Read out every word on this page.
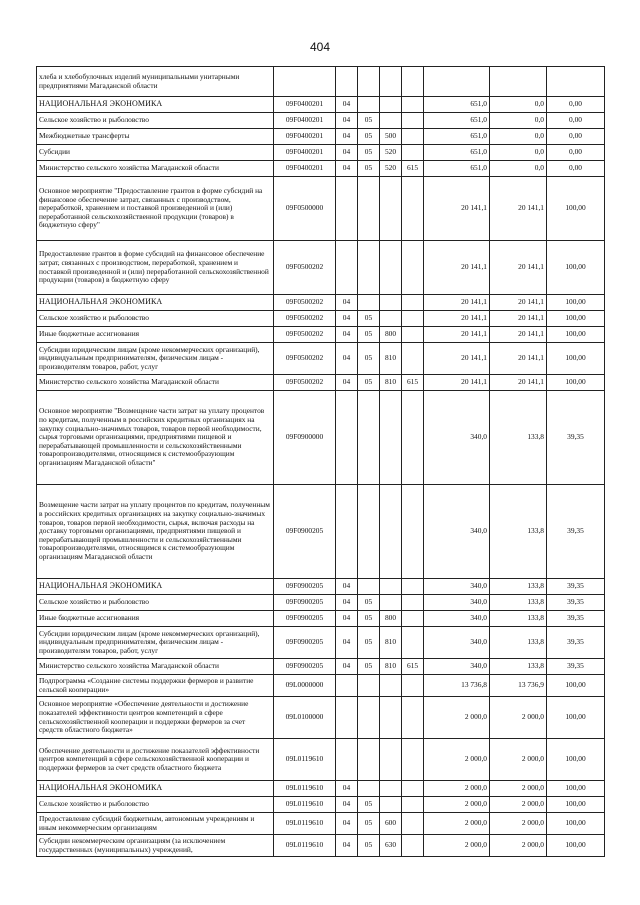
404
хлеба и хлебобулочных изделий муниципальными унитарными предприятиями Магаданской области								
НАЦИОНАЛЬНАЯ ЭКОНОМИКА	09F0400201	04				651,0	0,0	0,00
Сельское хозяйство и рыболовство	09F0400201	04	05			651,0	0,0	0,00
Межбюджетные трансферты	09F0400201	04	05	500		651,0	0,0	0,00
Субсидии	09F0400201	04	05	520		651,0	0,0	0,00
Министерство сельского хозяйства Магаданской области	09F0400201	04	05	520	615	651,0	0,0	0,00
Основное мероприятие "Предоставление грантов в форме субсидий на финансовое обеспечение затрат, связанных с производством, переработкой, хранением и поставкой произведенной и (или) переработанной сельскохозяйственной продукции (товаров) в бюджетную сферу"	09F0500000					20 141,1	20 141,1	100,00
Предоставление грантов в форме субсидий на финансовое обеспечение затрат, связанных с производством, переработкой, хранением и поставкой произведенной и (или) переработанной сельскохозяйственной продукции (товаров) в бюджетную сферу	09F0500202					20 141,1	20 141,1	100,00
НАЦИОНАЛЬНАЯ ЭКОНОМИКА	09F0500202	04				20 141,1	20 141,1	100,00
Сельское хозяйство и рыболовство	09F0500202	04	05			20 141,1	20 141,1	100,00
Иные бюджетные ассигнования	09F0500202	04	05	800		20 141,1	20 141,1	100,00
Субсидии юридическим лицам (кроме некоммерческих организаций), индивидуальным предпринимателям, физическим лицам - производителям товаров, работ, услуг	09F0500202	04	05	810		20 141,1	20 141,1	100,00
Министерство сельского хозяйства Магаданской области	09F0500202	04	05	810	615	20 141,1	20 141,1	100,00
Основное мероприятие "Возмещение части затрат на уплату процентов по кредитам, полученным в российских кредитных организациях на закупку социально-значимых товаров, товаров первой необходимости, сырья торговыми организациями, предприятиями пищевой и перерабатывающей промышленности и сельскохозяйственными товаропроизводителями, относящимся к системообразующим организациям Магаданской области"	09F0900000					340,0	133,8	39,35
Возмещение части затрат на уплату процентов по кредитам, полученным в российских кредитных организациях на закупку социально-значимых товаров, товаров первой необходимости, сырья, включая расходы на доставку торговыми организациями, предприятиями пищевой и перерабатывающей промышленности и сельскохозяйственными товаропроизводителями, относящимся к системообразующим организациям Магаданской области	09F0900205					340,0	133,8	39,35
НАЦИОНАЛЬНАЯ ЭКОНОМИКА	09F0900205	04				340,0	133,8	39,35
Сельское хозяйство и рыболовство	09F0900205	04	05			340,0	133,8	39,35
Иные бюджетные ассигнования	09F0900205	04	05	800		340,0	133,8	39,35
Субсидии юридическим лицам (кроме некоммерческих организаций), индивидуальным предпринимателям, физическим лицам - производителям товаров, работ, услуг	09F0900205	04	05	810		340,0	133,8	39,35
Министерство сельского хозяйства Магаданской области	09F0900205	04	05	810	615	340,0	133,8	39,35
Подпрограмма «Создание системы поддержки фермеров и развитие сельской кооперации»	09L0000000					13 736,8	13 736,9	100,00
Основное мероприятие «Обеспечение деятельности и достижение показателей эффективности центров компетенций в сфере сельскохозяйственной кооперации и поддержки фермеров за счет средств областного бюджета»	09L0100000					2 000,0	2 000,0	100,00
Обеспечение деятельности и достижение показателей эффективности центров компетенций в сфере сельскохозяйственной кооперации и поддержки фермеров за счет средств областного бюджета	09L0119610					2 000,0	2 000,0	100,00
НАЦИОНАЛЬНАЯ ЭКОНОМИКА	09L0119610	04				2 000,0	2 000,0	100,00
Сельское хозяйство и рыболовство	09L0119610	04	05			2 000,0	2 000,0	100,00
Предоставление субсидий бюджетным, автономным учреждениям и иным некоммерческим организациям	09L0119610	04	05	600		2 000,0	2 000,0	100,00
Субсидии некоммерческим организациям (за исключением государственных (муниципальных) учреждений,	09L0119610	04	05	630		2 000,0	2 000,0	100,00
